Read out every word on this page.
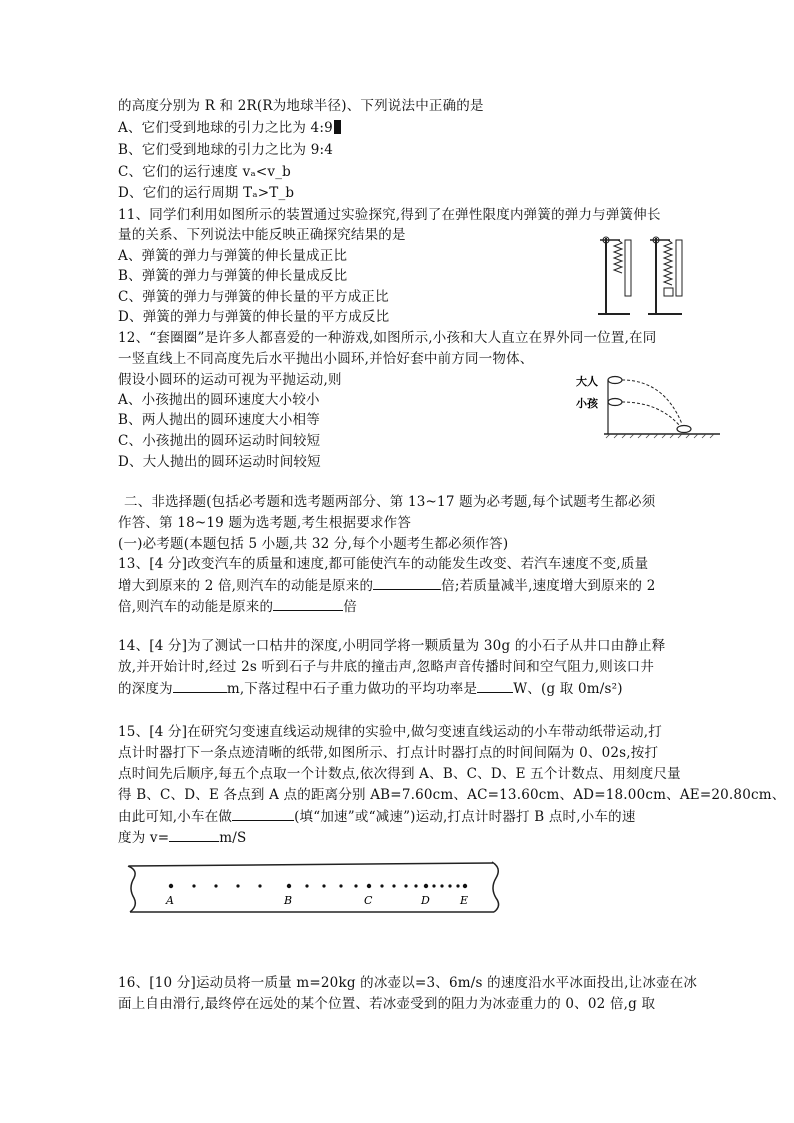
的高度分别为 R 和 2R(R为地球半径)、下列说法中正确的是
A、它们受到地球的引力之比为 4:9
B、它们受到地球的引力之比为 9:4
C、它们的运行速度 vₐ<v_b
D、它们的运行周期 Tₐ>T_b
11、同学们利用如图所示的装置通过实验探究,得到了在弹性限度内弹簧的弹力与弹簧伸长
量的关系、下列说法中能反映正确探究结果的是
A、弹簧的弹力与弹簧的伸长量成正比
B、弹簧的弹力与弹簧的伸长量成反比
C、弹簧的弹力与弹簧的伸长量的平方成正比
D、弹簧的弹力与弹簧的伸长量的平方成反比
12、“套圈圈”是许多人都喜爱的一种游戏,如图所示,小孩和大人直立在界外同一位置,在同
一竖直线上不同高度先后水平抛出小圆环,并恰好套中前方同一物体、
假设小圆环的运动可视为平抛运动,则
A、小孩抛出的圆环速度大小较小
B、两人抛出的圆环速度大小相等
C、小孩抛出的圆环运动时间较短
D、大人抛出的圆环运动时间较短
大人
小孩
二、非选择题(包括必考题和选考题两部分、第 13~17 题为必考题,每个试题考生都必须
作答、第 18~19 题为选考题,考生根据要求作答
(一)必考题(本题包括 5 小题,共 32 分,每个小题考生都必须作答)
13、[4 分]改变汽车的质量和速度,都可能使汽车的动能发生改变、若汽车速度不变,质量
增大到原来的 2 倍,则汽车的动能是原来的	倍;若质量减半,速度增大到原来的 2
倍,则汽车的动能是原来的	倍
14、[4 分]为了测试一口枯井的深度,小明同学将一颗质量为 30g 的小石子从井口由静止释
放,并开始计时,经过 2s 听到石子与井底的撞击声,忽略声音传播时间和空气阻力,则该口井
的深度为	m,下落过程中石子重力做功的平均功率是	W、(g 取 0m/s²)
15、[4 分]在研究匀变速直线运动规律的实验中,做匀变速直线运动的小车带动纸带运动,打
点计时器打下一条点迹清晰的纸带,如图所示、打点计时器打点的时间间隔为 0、02s,按打
点时间先后顺序,每五个点取一个计数点,依次得到 A、B、C、D、E 五个计数点、用刻度尺量
得 B、C、D、E 各点到 A 点的距离分别 AB=7.60cm、AC=13.60cm、AD=18.00cm、AE=20.80cm、
由此可知,小车在做	(填“加速”或“减速”)运动,打点计时器打 B 点时,小车的速
度为 v=	m/S
A	B	C	D	E
16、[10 分]运动员将一质量 m=20kg 的冰壶以=3、6m/s 的速度沿水平冰面投出,让冰壶在冰
面上自由滑行,最终停在远处的某个位置、若冰壶受到的阻力为冰壶重力的 0、02 倍,g 取
